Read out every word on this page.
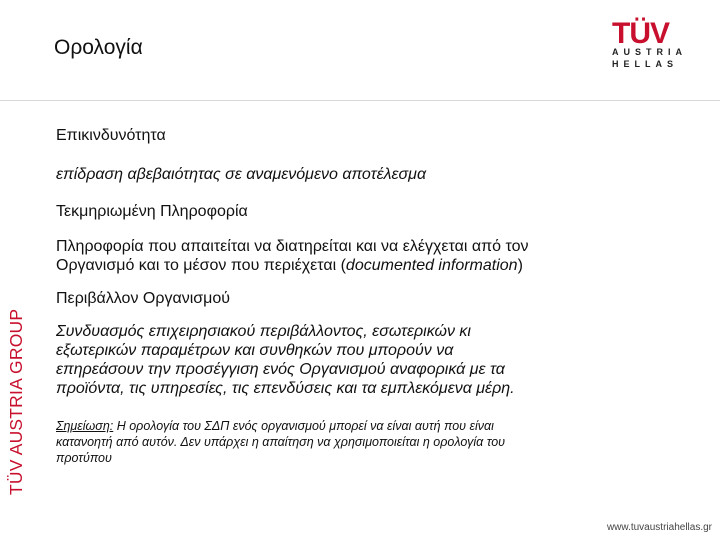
Ορολογία	TÜV
AUSTRIA
HELLAS
TÜV AUSTRIA GROUP
Επικινδυνότητα
επίδραση αβεβαιότητας σε αναμενόμενο αποτέλεσμα
Τεκμηριωμένη Πληροφορία
Πληροφορία που απαιτείται να διατηρείται και να ελέγχεται από τον
Οργανισμό και το μέσον που περιέχεται (documented information)
Περιβάλλον Οργανισμού
Συνδυασμός επιχειρησιακού περιβάλλοντος, εσωτερικών κι
εξωτερικών παραμέτρων και συνθηκών που μπορούν να
επηρεάσουν την προσέγγιση ενός Οργανισμού αναφορικά με τα
προϊόντα, τις υπηρεσίες, τις επενδύσεις και τα εμπλεκόμενα μέρη.
Σημείωση: Η ορολογία του ΣΔΠ ενός οργανισμού μπορεί να είναι αυτή που είναι
κατανοητή από αυτόν. Δεν υπάρχει η απαίτηση να χρησιμοποιείται η ορολογία του
προτύπου
www.tuvaustriahellas.gr
